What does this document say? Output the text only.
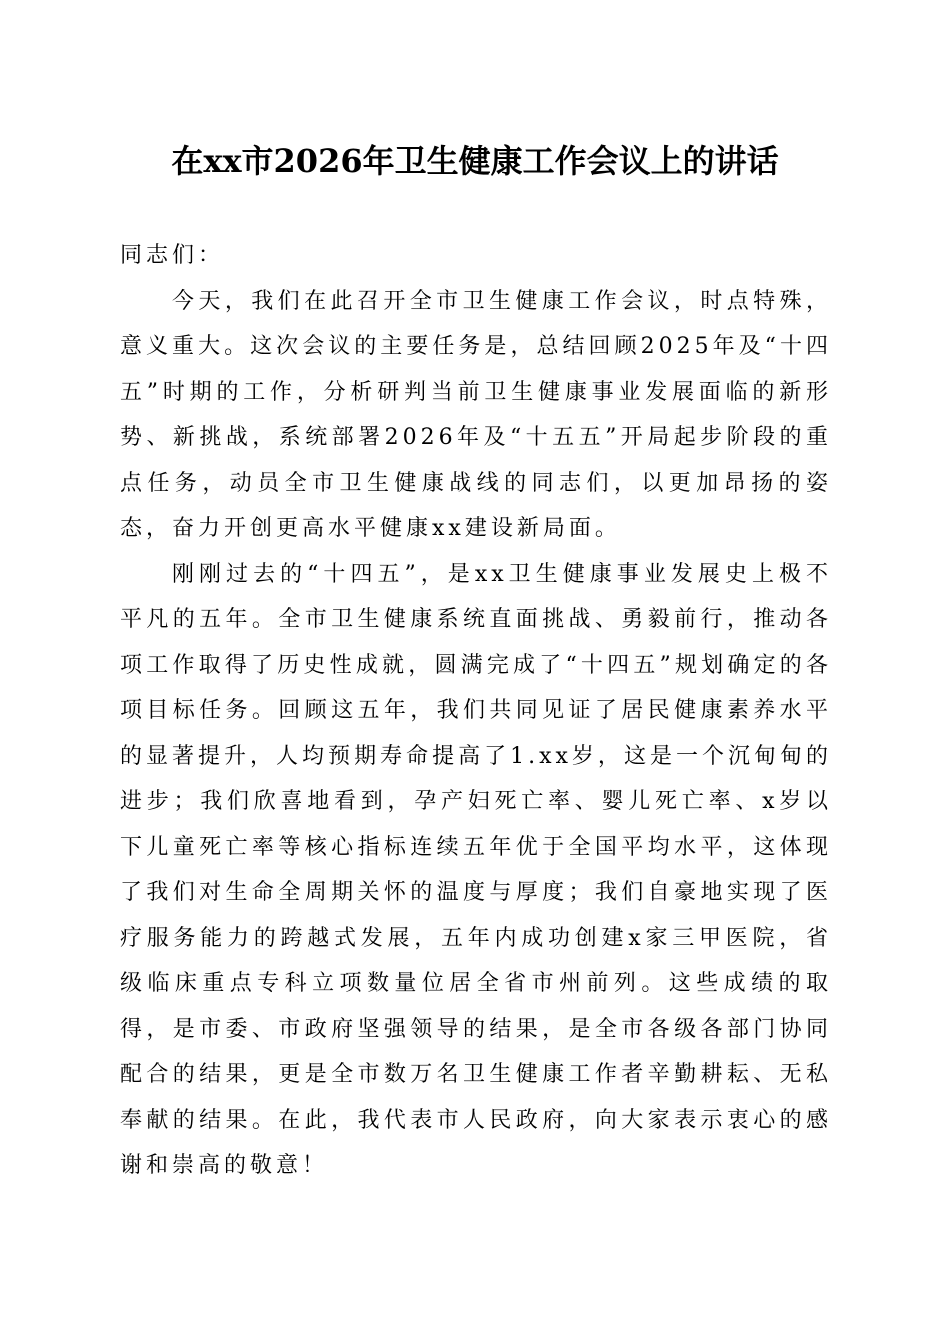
在xx市2026年卫生健康工作会议上的讲话

同志们：

今天，我们在此召开全市卫生健康工作会议，时点特殊，意义重大。这次会议的主要任务是，总结回顾2025年及“十四五”时期的工作，分析研判当前卫生健康事业发展面临的新形势、新挑战，系统部署2026年及“十五五”开局起步阶段的重点任务，动员全市卫生健康战线的同志们，以更加昂扬的姿态，奋力开创更高水平健康xx建设新局面。

刚刚过去的“十四五”，是xx卫生健康事业发展史上极不平凡的五年。全市卫生健康系统直面挑战、勇毅前行，推动各项工作取得了历史性成就，圆满完成了“十四五”规划确定的各项目标任务。回顾这五年，我们共同见证了居民健康素养水平的显著提升，人均预期寿命提高了1.xx岁，这是一个沉甸甸的进步；我们欣喜地看到，孕产妇死亡率、婴儿死亡率、x岁以下儿童死亡率等核心指标连续五年优于全国平均水平，这体现了我们对生命全周期关怀的温度与厚度；我们自豪地实现了医疗服务能力的跨越式发展，五年内成功创建x家三甲医院，省级临床重点专科立项数量位居全省市州前列。这些成绩的取得，是市委、市政府坚强领导的结果，是全市各级各部门协同配合的结果，更是全市数万名卫生健康工作者辛勤耕耘、无私奉献的结果。在此，我代表市人民政府，向大家表示衷心的感谢和崇高的敬意！
